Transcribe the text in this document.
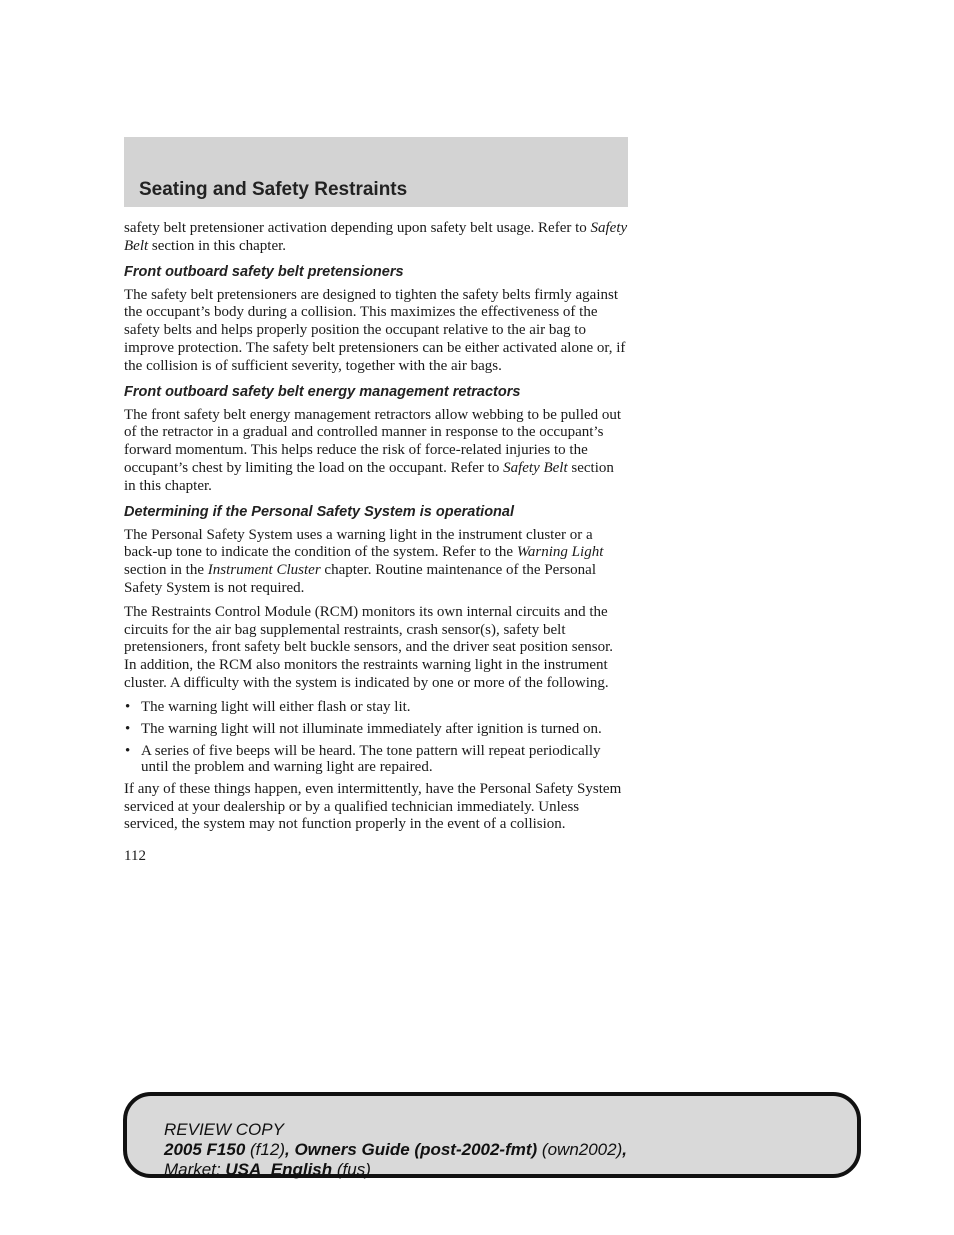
Seating and Safety Restraints

safety belt pretensioner activation depending upon safety belt usage. Refer to Safety Belt section in this chapter.

Front outboard safety belt pretensioners

The safety belt pretensioners are designed to tighten the safety belts firmly against the occupant’s body during a collision. This maximizes the effectiveness of the safety belts and helps properly position the occupant relative to the air bag to improve protection. The safety belt pretensioners can be either activated alone or, if the collision is of sufficient severity, together with the air bags.

Front outboard safety belt energy management retractors

The front safety belt energy management retractors allow webbing to be pulled out of the retractor in a gradual and controlled manner in response to the occupant’s forward momentum. This helps reduce the risk of force-related injuries to the occupant’s chest by limiting the load on the occupant. Refer to Safety Belt section in this chapter.

Determining if the Personal Safety System is operational

The Personal Safety System uses a warning light in the instrument cluster or a back-up tone to indicate the condition of the system. Refer to the Warning Light section in the Instrument Cluster chapter. Routine maintenance of the Personal Safety System is not required.

The Restraints Control Module (RCM) monitors its own internal circuits and the circuits for the air bag supplemental restraints, crash sensor(s), safety belt pretensioners, front safety belt buckle sensors, and the driver seat position sensor. In addition, the RCM also monitors the restraints warning light in the instrument cluster. A difficulty with the system is indicated by one or more of the following.

• The warning light will either flash or stay lit.
• The warning light will not illuminate immediately after ignition is turned on.
• A series of five beeps will be heard. The tone pattern will repeat periodically until the problem and warning light are repaired.

If any of these things happen, even intermittently, have the Personal Safety System serviced at your dealership or by a qualified technician immediately. Unless serviced, the system may not function properly in the event of a collision.

112
REVIEW COPY
2005 F150 (f12), Owners Guide (post-2002-fmt) (own2002),
Market: USA_English (fus)
